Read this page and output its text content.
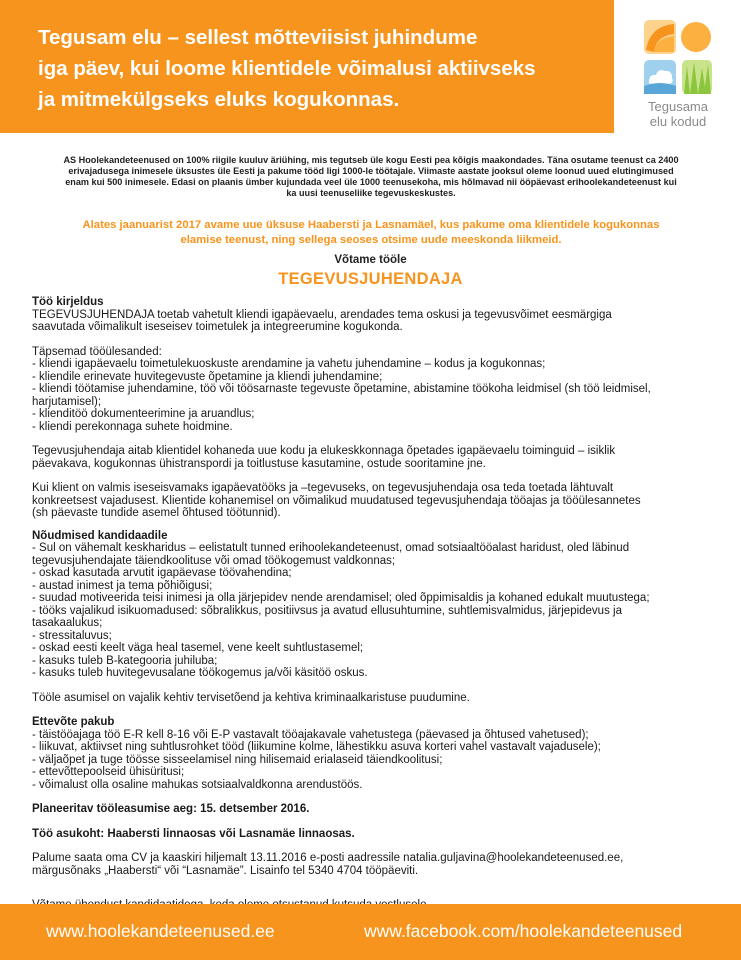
Tegusam elu – sellest mõtteviisist juhindume
iga päev, kui loome klientidele võimalusi aktiivseks
ja mitmekülgseks eluks kogukonnas.	Tegusama
elu kodud
AS Hoolekandeteenused on 100% riigile kuuluv äriühing, mis tegutseb üle kogu Eesti pea kõigis maakondades. Täna osutame teenust ca 2400
erivajadusega inimesele üksustes üle Eesti ja pakume tööd ligi 1000-le töötajale. Viimaste aastate jooksul oleme loonud uued elutingimused
enam kui 500 inimesele. Edasi on plaanis ümber kujundada veel üle 1000 teenusekoha, mis hõlmavad nii ööpäevast erihoolekandeteenust kui
ka uusi teenuseliike tegevuskeskustes.
Alates jaanuarist 2017 avame uue üksuse Haabersti ja Lasnamäel, kus pakume oma klientidele kogukonnas
elamise teenust, ning sellega seoses otsime uude meeskonda liikmeid.
Võtame tööle
TEGEVUSJUHENDAJA

Töö kirjeldus

TEGEVUSJUHENDAJA toetab vahetult kliendi igapäevaelu, arendades tema oskusi ja tegevusvõimet eesmärgiga

saavutada võimalikult iseseisev toimetulek ja integreerumine kogukonda.

Täpsemad tööülesanded:

- kliendi igapäevaelu toimetulekuoskuste arendamine ja vahetu juhendamine – kodus ja kogukonnas;

- kliendile erinevate huvitegevuste õpetamine ja kliendi juhendamine;

- kliendi töötamise juhendamine, töö või töösarnaste tegevuste õpetamine, abistamine töökoha leidmisel (sh töö leidmisel,

harjutamisel);

- klienditöö dokumenteerimine ja aruandlus;

- kliendi perekonnaga suhete hoidmine.

Tegevusjuhendaja aitab klientidel kohaneda uue kodu ja elukeskkonnaga õpetades igapäevaelu toiminguid – isiklik

päevakava, kogukonnas ühistranspordi ja toitlustuse kasutamine, ostude sooritamine jne.

Kui klient on valmis iseseisvamaks igapäevatööks ja –tegevuseks, on tegevusjuhendaja osa teda toetada lähtuvalt

konkreetsest vajadusest. Klientide kohanemisel on võimalikud muudatused tegevusjuhendaja tööajas ja tööülesannetes

(sh päevaste tundide asemel õhtused töötunnid).

Nõudmised kandidaadile

- Sul on vähemalt keskharidus – eelistatult tunned erihoolekandeteenust, omad sotsiaaltööalast haridust, oled läbinud

tegevusjuhendajate täiendkoolituse või omad töökogemust valdkonnas;

- oskad kasutada arvutit igapäevase töövahendina;

- austad inimest ja tema põhiõigusi;

- suudad motiveerida teisi inimesi ja olla järjepidev nende arendamisel; oled õppimisaldis ja kohaned edukalt muutustega;

- tööks vajalikud isikuomadused: sõbralikkus, positiivsus ja avatud ellusuhtumine, suhtlemisvalmidus, järjepidevus ja

tasakaalukus;

- stressitaluvus;

- oskad eesti keelt väga heal tasemel, vene keelt suhtlustasemel;

- kasuks tuleb B-kategooria juhiluba;

- kasuks tuleb huvitegevusalane töökogemus ja/või käsitöö oskus.

Tööle asumisel on vajalik kehtiv tervisetõend ja kehtiva kriminaalkaristuse puudumine.

Ettevõte pakub

- täistööajaga töö E-R kell 8-16 või E-P vastavalt tööajakavale vahetustega (päevased ja õhtused vahetused);

- liikuvat, aktiivset ning suhtlusrohket tööd (liikumine kolme, lähestikku asuva korteri vahel vastavalt vajadusele);

- väljaõpet ja tuge töösse sisseelamisel ning hilisemaid erialaseid täiendkoolitusi;

- ettevõttepoolseid ühisüritusi;

- võimalust olla osaline mahukas sotsiaalvaldkonna arendustöös.

Planeeritav tööleasumise aeg: 15. detsember 2016.

Töö asukoht: Haabersti linnaosas või Lasnamäe linnaosas.

Palume saata oma CV ja kaaskiri hiljemalt 13.11.2016 e-posti aadressile natalia.guljavina@hoolekandeteenused.ee,

märgusõnaks „Haabersti“ või “Lasnamäe”. Lisainfo tel 5340 4704 tööpäeviti.

www.hoolekandeteenused.ee	www.facebook.com/hoolekandeteenused
